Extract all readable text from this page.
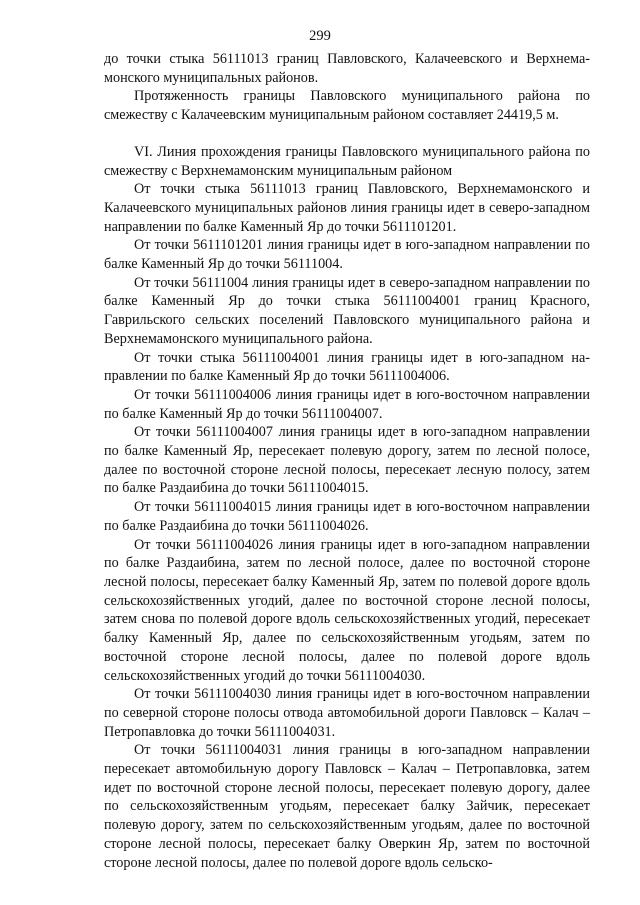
299

до точки стыка 56111013 границ Павловского, Калачеевского и Верхнемамонского муниципальных районов.

Протяженность границы Павловского муниципального района по смежеству с Калачеевским муниципальным районом составляет 24419,5 м.

VI. Линия прохождения границы Павловского муниципального района по смежеству с Верхнемамонским муниципальным районом

От точки стыка 56111013 границ Павловского, Верхнемамонского и Калачеевского муниципальных районов линия границы идет в северо-западном направлении по балке Каменный Яр до точки 5611101201.

От точки 5611101201 линия границы идет в юго-западном направлении по балке Каменный Яр до точки 56111004.

От точки 56111004 линия границы идет в северо-западном направлении по балке Каменный Яр до точки стыка 56111004001 границ Красного, Гаврильского сельских поселений Павловского муниципального района и Верхнемамонского муниципального района.

От точки стыка 56111004001 линия границы идет в юго-западном направлении по балке Каменный Яр до точки 56111004006.

От точки 56111004006 линия границы идет в юго-восточном направлении по балке Каменный Яр до точки 56111004007.

От точки 56111004007 линия границы идет в юго-западном направлении по балке Каменный Яр, пересекает полевую дорогу, затем по лесной полосе, далее по восточной стороне лесной полосы, пересекает лесную полосу, затем по балке Раздаибина до точки 56111004015.

От точки 56111004015 линия границы идет в юго-восточном направлении по балке Раздаибина до точки 56111004026.

От точки 56111004026 линия границы идет в юго-западном направлении по балке Раздаибина, затем по лесной полосе, далее по восточной стороне лесной полосы, пересекает балку Каменный Яр, затем по полевой дороге вдоль сельскохозяйственных угодий, далее по восточной стороне лесной полосы, затем снова по полевой дороге вдоль сельскохозяйственных угодий, пересекает балку Каменный Яр, далее по сельскохозяйственным угодьям, затем по восточной стороне лесной полосы, далее по полевой дороге вдоль сельскохозяйственных угодий до точки 56111004030.

От точки 56111004030 линия границы идет в юго-восточном направлении по северной стороне полосы отвода автомобильной дороги Павловск – Калач – Петропавловка до точки 56111004031.

От точки 56111004031 линия границы в юго-западном направлении пересекает автомобильную дорогу Павловск – Калач – Петропавловка, затем идет по восточной стороне лесной полосы, пересекает полевую дорогу, далее по сельскохозяйственным угодьям, пересекает балку Зайчик, пересекает полевую дорогу, затем по сельскохозяйственным угодьям, далее по восточной стороне лесной полосы, пересекает балку Оверкин Яр, затем по восточной стороне лесной полосы, далее по полевой дороге вдоль сельско-
